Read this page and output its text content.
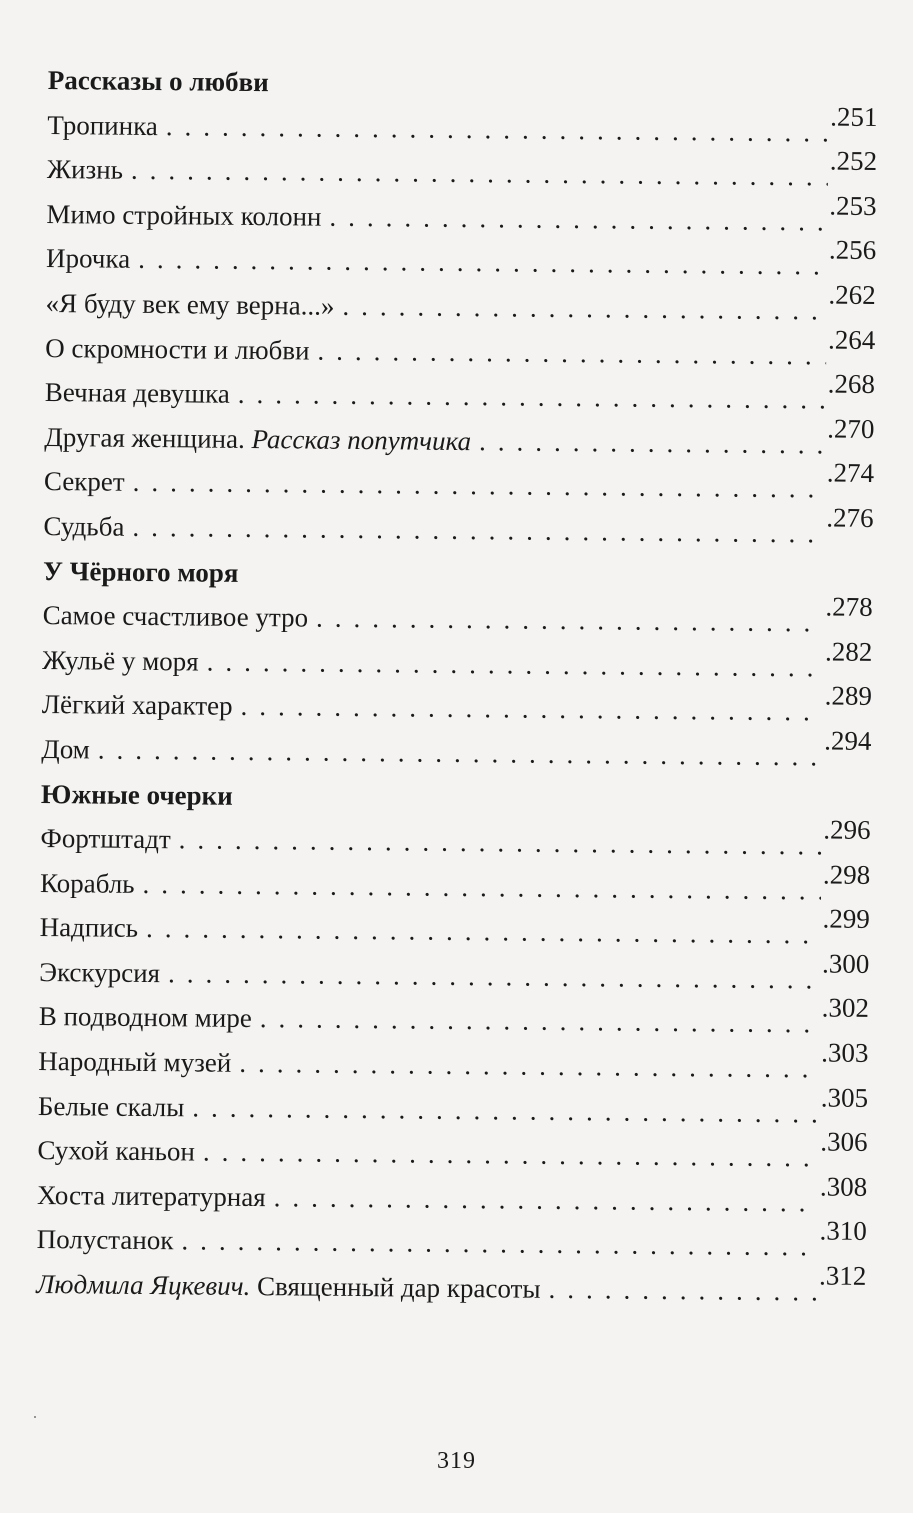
Рассказы о любви
Тропинка .....	.251
Жизнь .....	.252
Мимо стройных колонн .....	.253
Ирочка .....	.256
«Я буду век ему верна...» .....	.262
О скромности и любви .....	.264
Вечная девушка .....	.268
Другая женщина. Рассказ попутчика .....	.270
Секрет .....	.274
Судьба .....	.276
У Чёрного моря
Самое счастливое утро .....	.278
Жульё у моря .....	.282
Лёгкий характер .....	.289
Дом .....	.294
Южные очерки
Фортштадт .....	.296
Корабль .....	.298
Надпись .....	.299
Экскурсия .....	.300
В подводном мире .....	.302
Народный музей .....	.303
Белые скалы .....	.305
Сухой каньон .....	.306
Хоста литературная .....	.308
Полустанок .....	.310
Людмила Яцкевич. Священный дар красоты .....	.312
319
